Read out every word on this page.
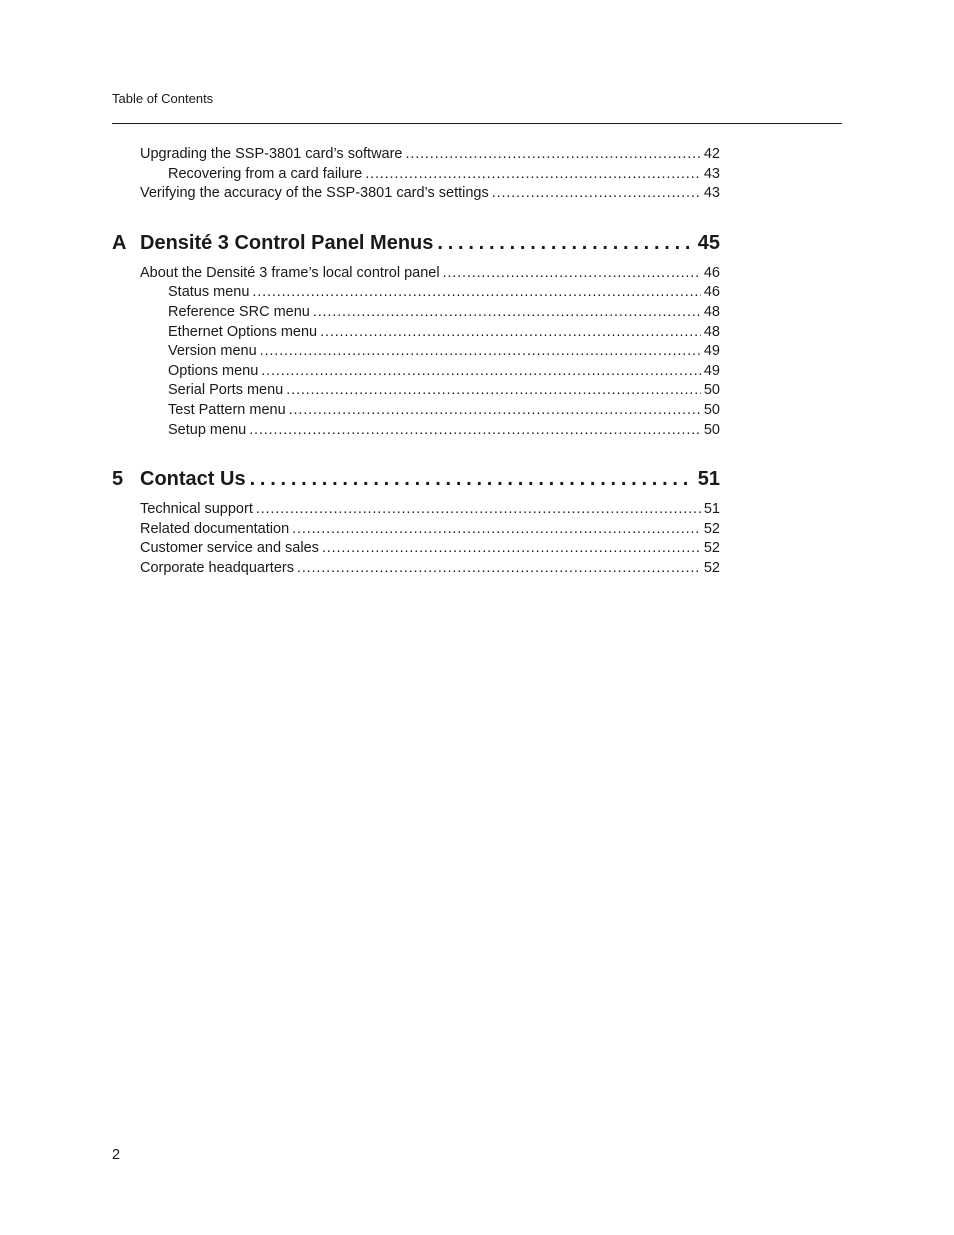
Table of Contents
Upgrading the SSP-3801 card’s software . . .	42
Recovering from a card failure . . .	43
Verifying the accuracy of the SSP-3801 card’s settings . . .	43
A Densité 3 Control Panel Menus . . .	45
About the Densité 3 frame’s local control panel . . .	46
Status menu . . .	46
Reference SRC menu . . .	48
Ethernet Options menu . . .	48
Version menu . . .	49
Options menu . . .	49
Serial Ports menu . . .	50
Test Pattern menu . . .	50
Setup menu . . .	50
5 Contact Us . . .	51
Technical support . . .	51
Related documentation . . .	52
Customer service and sales . . .	52
Corporate headquarters . . .	52
2
